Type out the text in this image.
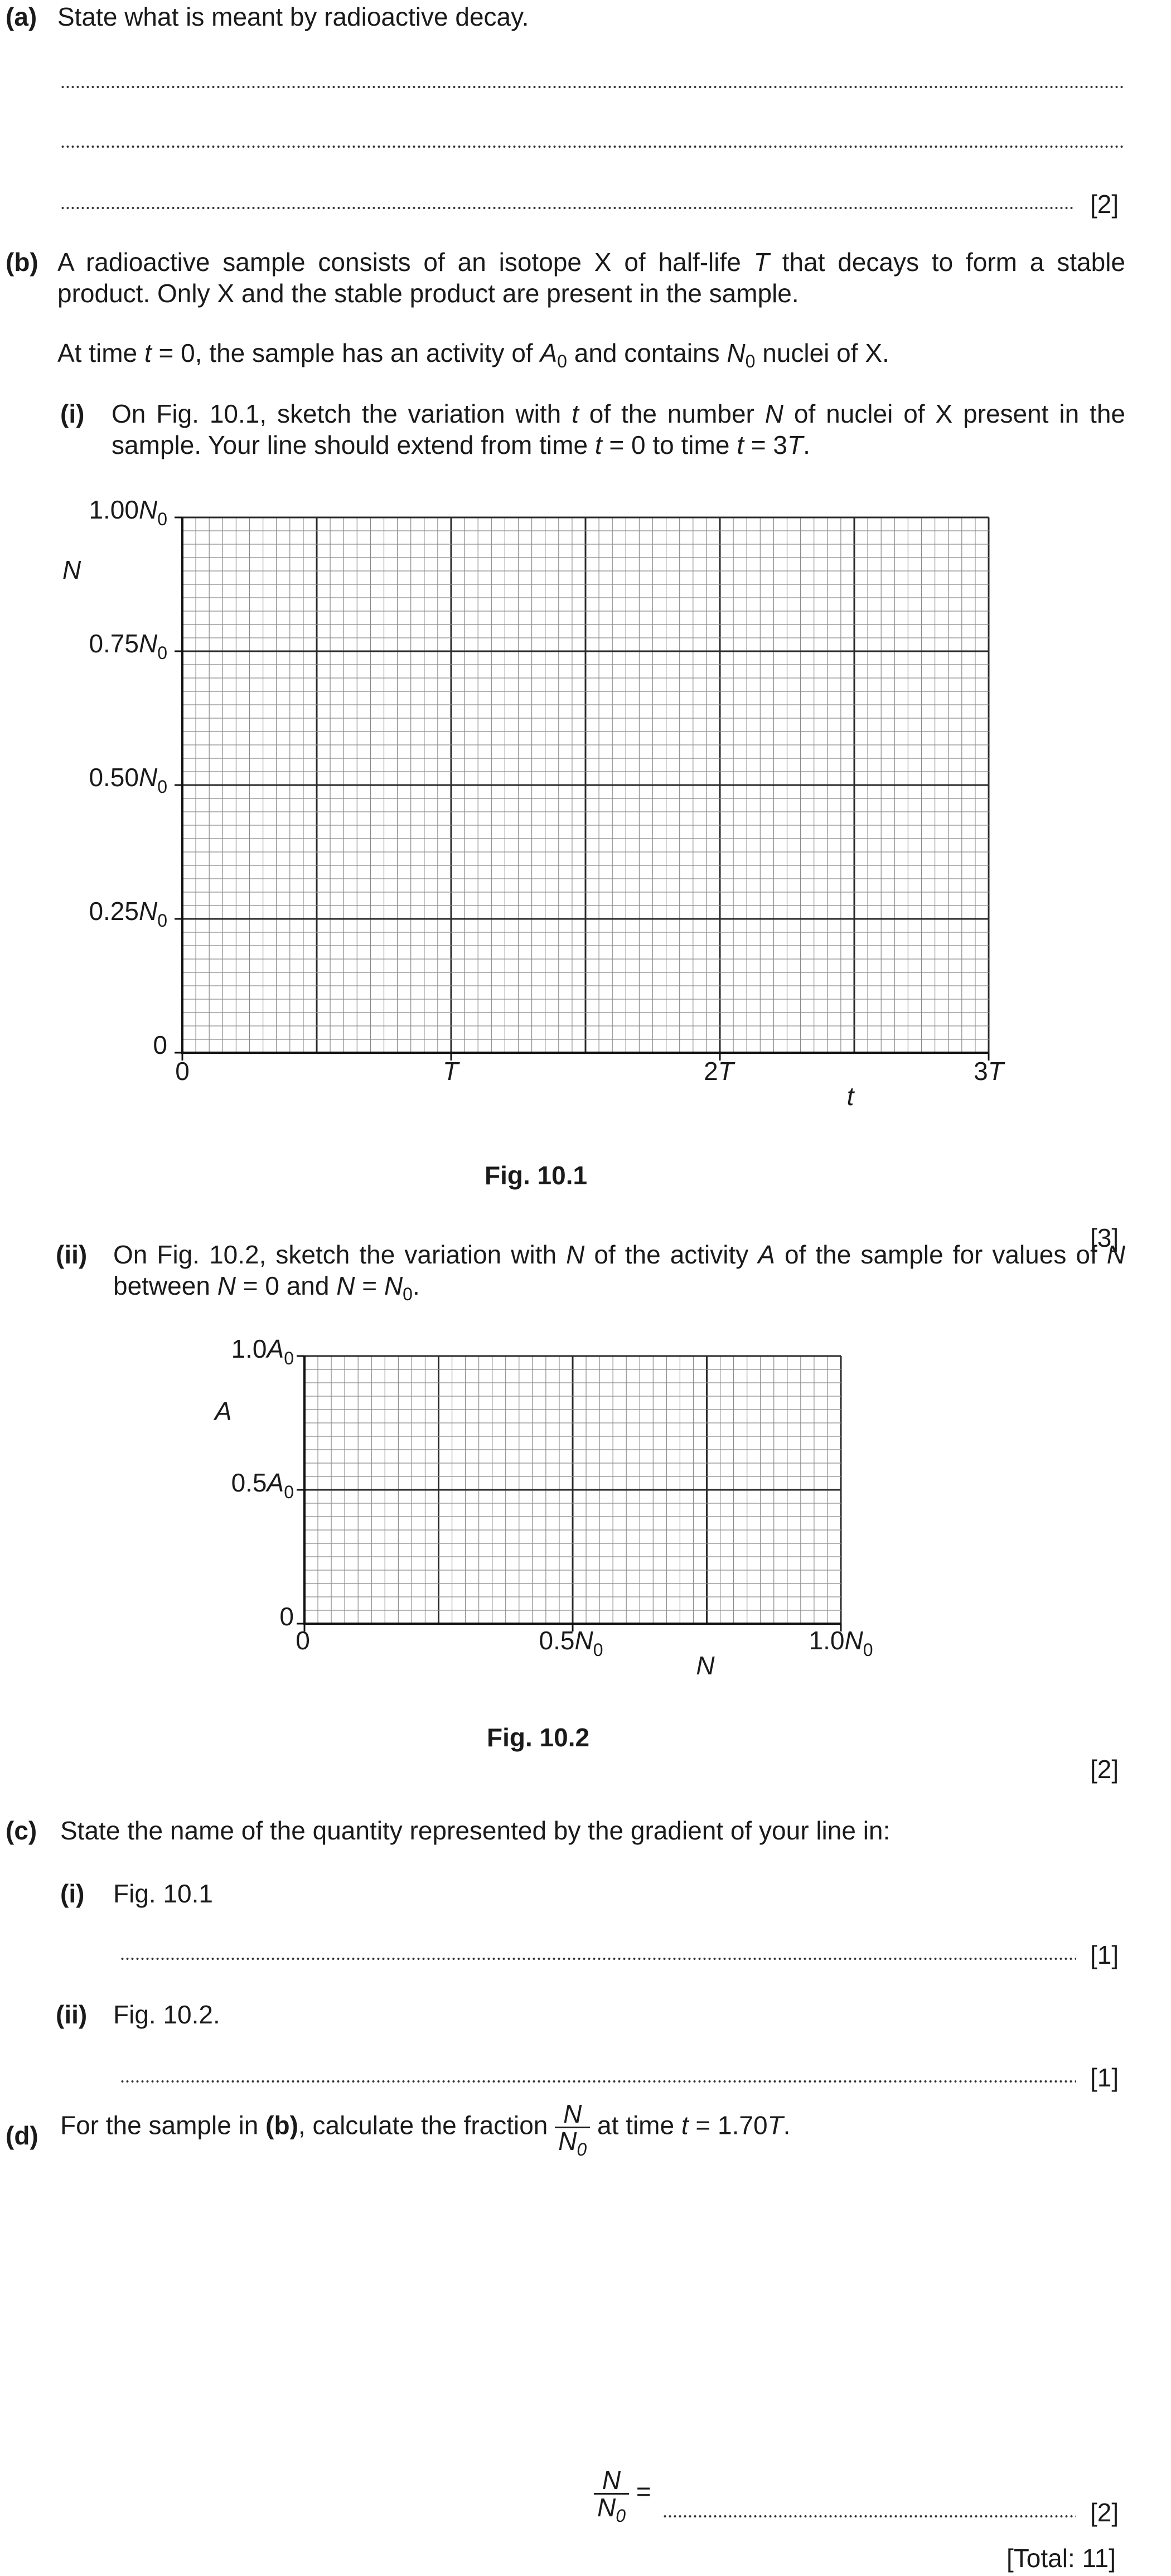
(a) State what is meant by radioactive decay.
[2]
(b) A radioactive sample consists of an isotope X of half-life T that decays to form a stable product. Only X and the stable product are present in the sample.
At time t = 0, the sample has an activity of $A_0$ and contains $N_0$ nuclei of X.
(i) On Fig. 10.1, sketch the variation with t of the number N of nuclei of X present in the sample. Your line should extend from time t = 0 to time t = 3T.
$1.00N_0$
$0.75N_0$
$0.50N_0$
$0.25N_0$
0
N
0	T	2T	3T
t
Fig. 10.1
[3]
(ii) On Fig. 10.2, sketch the variation with N of the activity A of the sample for values of N between N = 0 and $N = N_0$.
$1.0A_0$
$0.5A_0$
0
A
0	$0.5N_0$	$1.0N_0$
N
Fig. 10.2
[2]
(c) State the name of the quantity represented by the gradient of your line in:
(i) Fig. 10.1
[1]
(ii) Fig. 10.2.
[1]
(d) For the sample in (b), calculate the fraction $\frac{N}{N_0}$ at time t = 1.70T.
$\frac{N}{N_0}$ =
[2]
[Total: 11]
